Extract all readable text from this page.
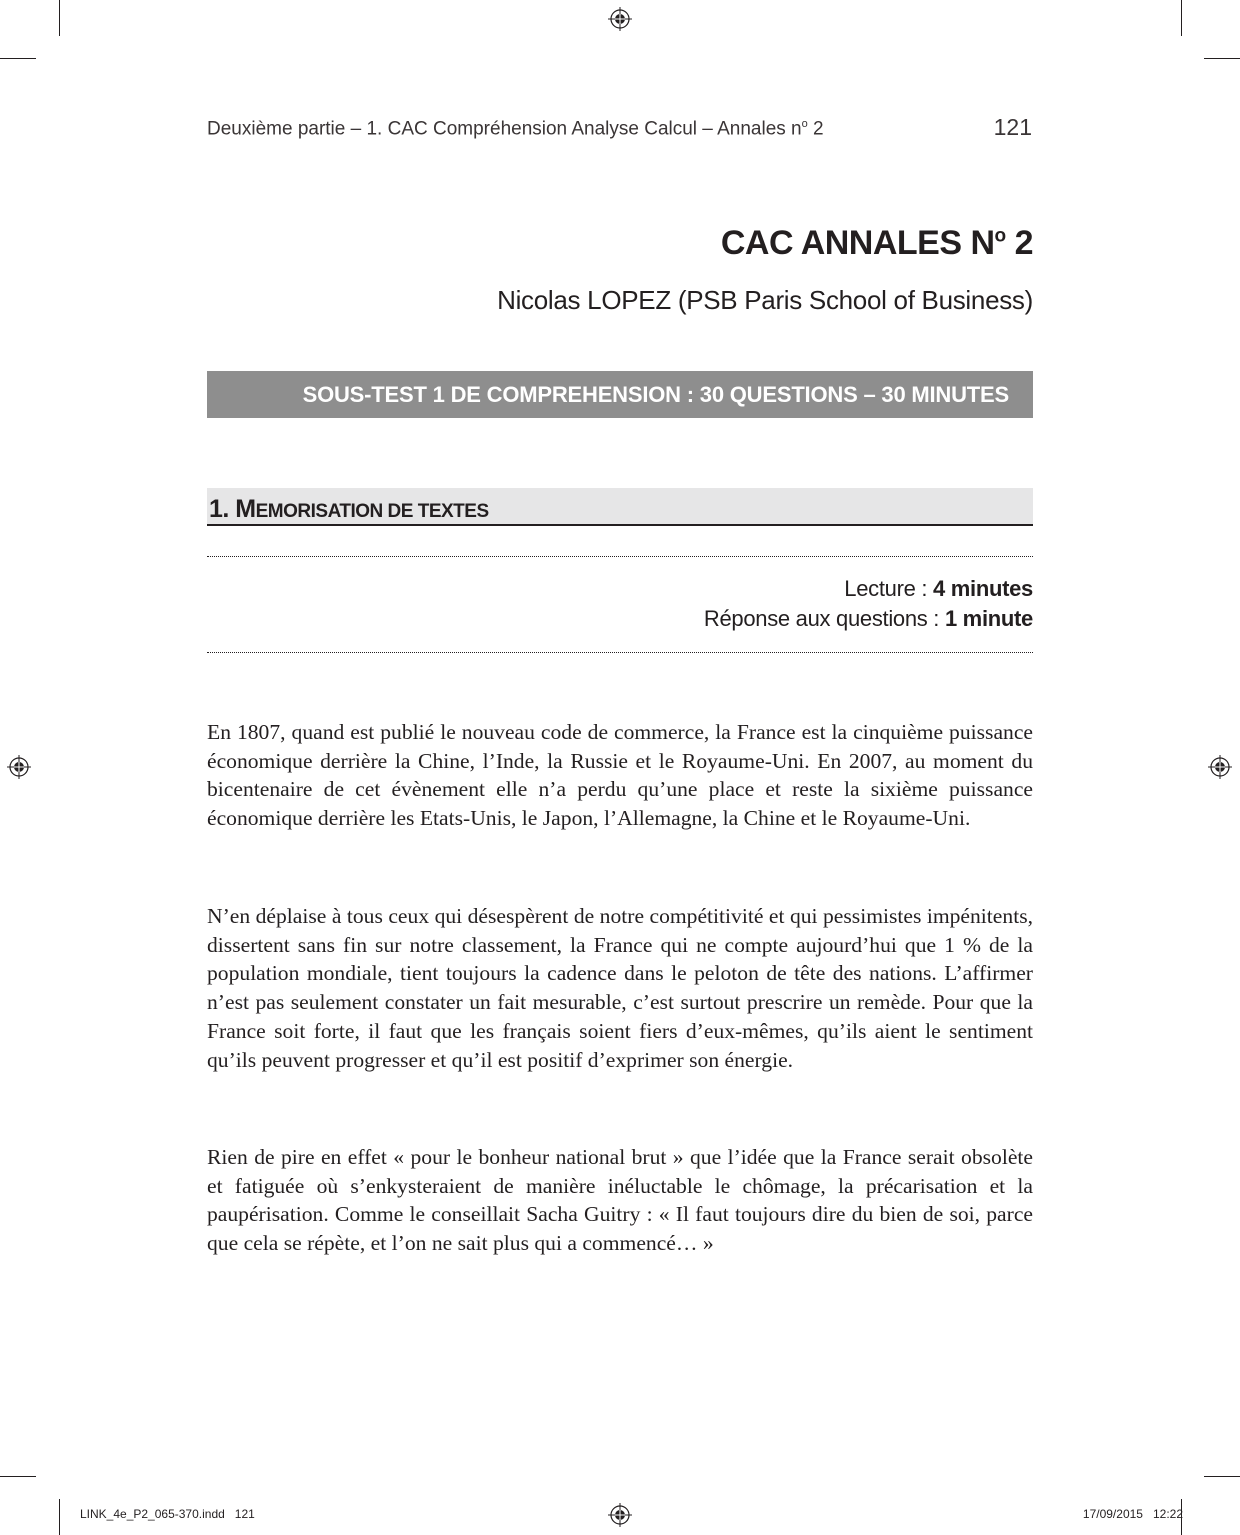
Deuxième partie – 1. CAC Compréhension Analyse Calcul – Annales $n^o$ 2	121
CAC ANNALES $N^o$ 2
Nicolas LOPEZ (PSB Paris School of Business)
SOUS-TEST 1 DE COMPREHENSION : 30 QUESTIONS – 30 MINUTES
1. MEMORISATION DE TEXTES
Lecture : 4 minutes
Réponse aux questions : 1 minute
En 1807, quand est publié le nouveau code de commerce, la France est la cinquième puissance économique derrière la Chine, l’Inde, la Russie et le Royaume-Uni. En 2007, au moment du bicentenaire de cet évènement elle n’a perdu qu’une place et reste la sixième puissance économique derrière les Etats-Unis, le Japon, l’Allemagne, la Chine et le Royaume-Uni.
N’en déplaise à tous ceux qui désespèrent de notre compétitivité et qui pessimistes impénitents, dissertent sans fin sur notre classement, la France qui ne compte aujourd’hui que 1 % de la population mondiale, tient toujours la cadence dans le peloton de tête des nations. L’affirmer n’est pas seulement constater un fait mesurable, c’est surtout prescrire un remède. Pour que la France soit forte, il faut que les français soient fiers d’eux-mêmes, qu’ils aient le sentiment qu’ils peuvent progresser et qu’il est positif d’exprimer son énergie.
Rien de pire en effet « pour le bonheur national brut » que l’idée que la France serait obsolète et fatiguée où s’enkysteraient de manière inéluctable le chômage, la précarisation et la paupérisation. Comme le conseillait Sacha Guitry : « Il faut toujours dire du bien de soi, parce que cela se répète, et l’on ne sait plus qui a commencé… »
LINK_4e_P2_065-370.indd   121	17/09/2015   12:22
